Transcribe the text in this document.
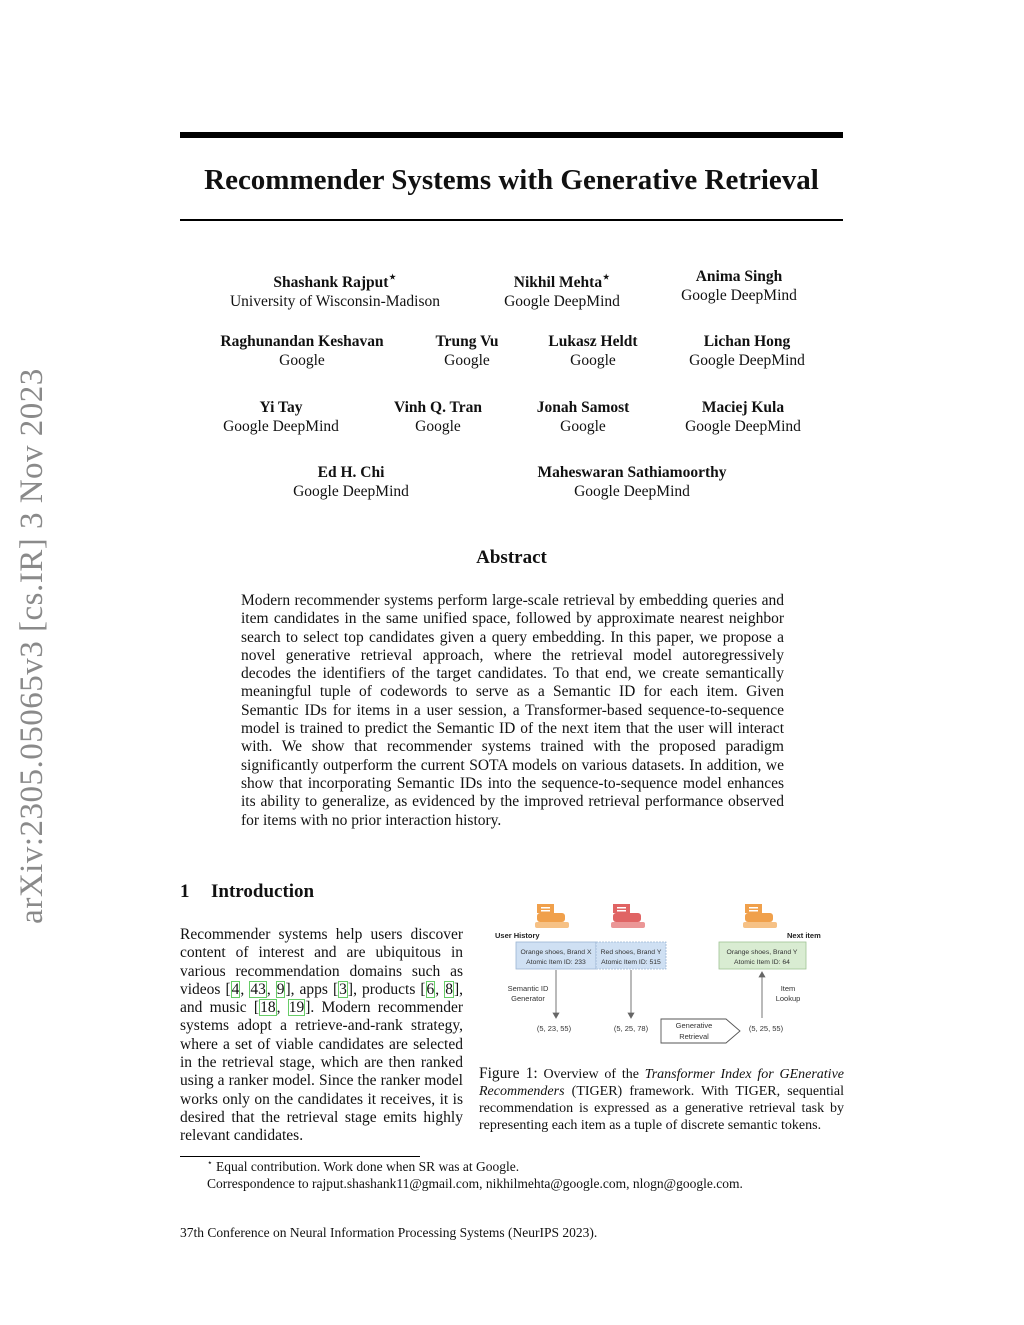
arXiv:2305.05065v3 [cs.IR] 3 Nov 2023
Recommender Systems with Generative Retrieval
Shashank Rajput⋆
University of Wisconsin-Madison
Nikhil Mehta⋆
Google DeepMind
Anima Singh
Google DeepMind
Raghunandan Keshavan
Google
Trung Vu
Google
Lukasz Heldt
Google
Lichan Hong
Google DeepMind
Yi Tay
Google DeepMind
Vinh Q. Tran
Google
Jonah Samost
Google
Maciej Kula
Google DeepMind
Ed H. Chi
Google DeepMind
Maheswaran Sathiamoorthy
Google DeepMind
Abstract
Modern recommender systems perform large-scale retrieval by embedding queries and item candidates in the same unified space, followed by approximate nearest neighbor search to select top candidates given a query embedding. In this paper, we propose a novel generative retrieval approach, where the retrieval model autoregressively decodes the identifiers of the target candidates. To that end, we create semantically meaningful tuple of codewords to serve as a Semantic ID for each item. Given Semantic IDs for items in a user session, a Transformer-based sequence-to-sequence model is trained to predict the Semantic ID of the next item that the user will interact with. We show that recommender systems trained with the proposed paradigm significantly outperform the current SOTA models on various datasets. In addition, we show that incorporating Semantic IDs into the sequence-to-sequence model enhances its ability to generalize, as evidenced by the improved retrieval performance observed for items with no prior interaction history.
1 Introduction
Recommender systems help users discover content of interest and are ubiquitous in various recommendation domains such as videos [4, 43, 9], apps [3], products [6, 8], and music [18, 19]. Modern recommender systems adopt a retrieve-and-rank strategy, where a set of viable candidates are selected in the retrieval stage, which are then ranked using a ranker model. Since the ranker model works only on the candidates it receives, it is desired that the retrieval stage emits highly relevant candidates.
User History	Next item
Orange shoes, Brand X
Atomic Item ID: 233
Red shoes, Brand Y
Atomic Item ID: 515
Orange shoes, Brand Y
Atomic Item ID: 64
Semantic ID
Generator
Item
Lookup
(5, 23, 55)	(5, 25, 78)	(5, 25, 55)
Generative
Retrieval
Figure 1: Overview of the Transformer Index for GEnerative Recommenders (TIGER) framework. With TIGER, sequential recommendation is expressed as a generative retrieval task by representing each item as a tuple of discrete semantic tokens.
⋆ Equal contribution. Work done when SR was at Google.
Correspondence to rajput.shashank11@gmail.com, nikhilmehta@google.com, nlogn@google.com.
37th Conference on Neural Information Processing Systems (NeurIPS 2023).
